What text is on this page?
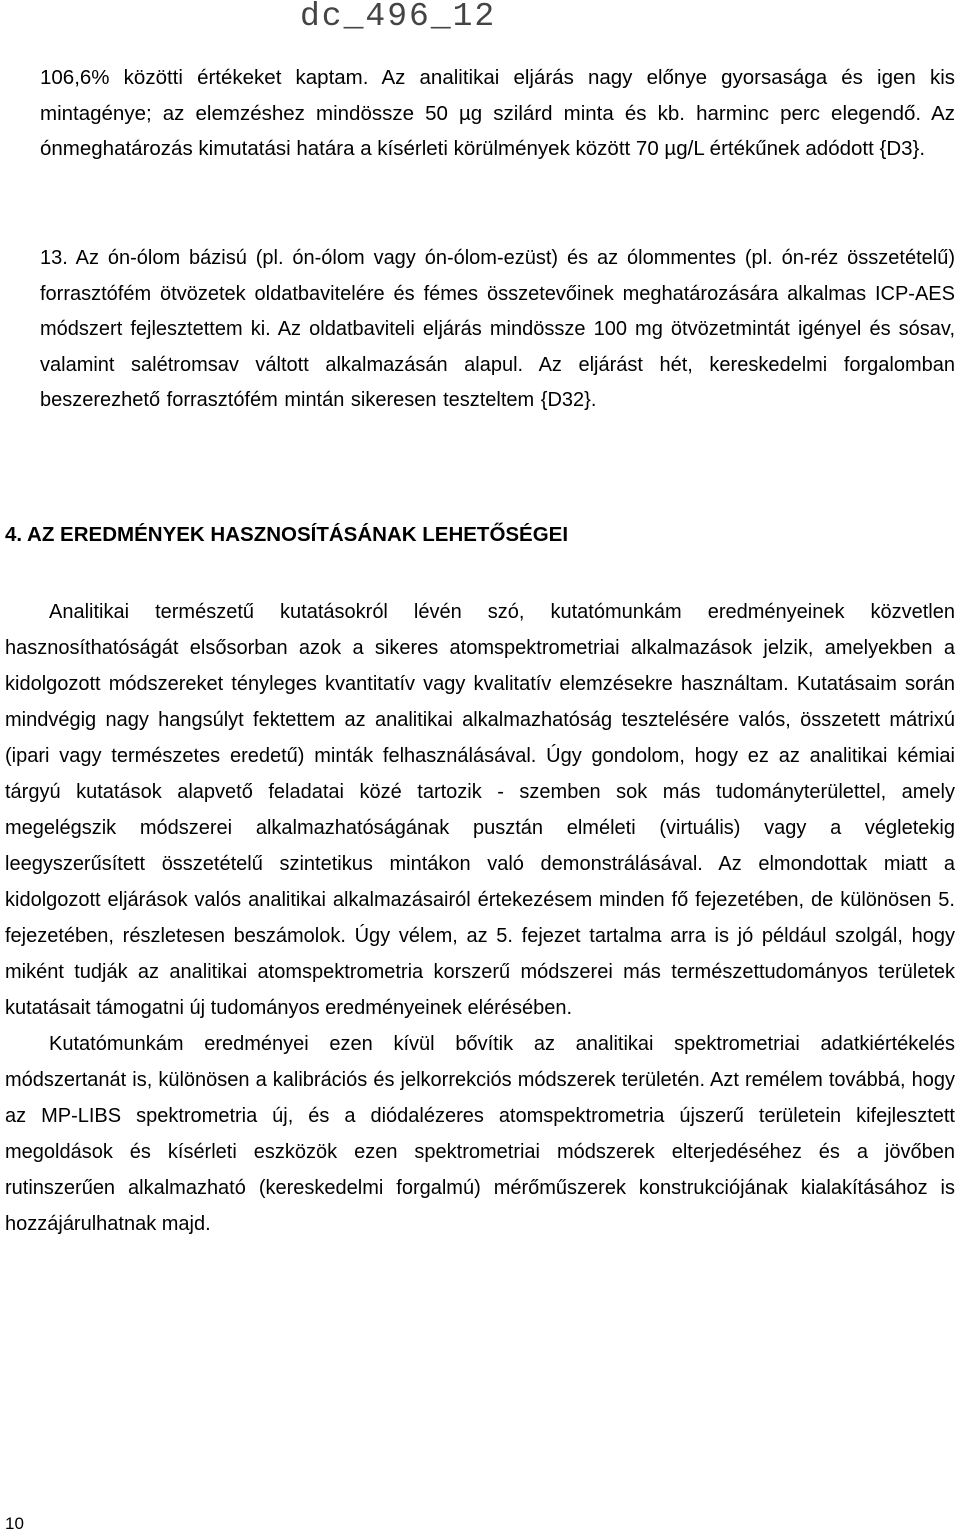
dc_496_12
106,6% közötti értékeket kaptam. Az analitikai eljárás nagy előnye gyorsasága és igen kis mintagénye; az elemzéshez mindössze 50 µg szilárd minta és kb. harminc perc elegendő. Az ónmeghatározás kimutatási határa a kísérleti körülmények között 70 µg/L értékűnek adódott {D3}.
13. Az ón-ólom bázisú (pl. ón-ólom vagy ón-ólom-ezüst) és az ólommentes (pl. ón-réz összetételű) forrasztófém ötvözetek oldatbavitelére és fémes összetevőinek meghatározására alkalmas ICP-AES módszert fejlesztettem ki. Az oldatbaviteli eljárás mindössze 100 mg ötvözetmintát igényel és sósav, valamint salétromsav váltott alkalmazásán alapul. Az eljárást hét, kereskedelmi forgalomban beszerezhető forrasztófém mintán sikeresen teszteltem {D32}.
4. AZ EREDMÉNYEK HASZNOSÍTÁSÁNAK LEHETŐSÉGEI

Analitikai természetű kutatásokról lévén szó, kutatómunkám eredményeinek közvetlen hasznosíthatóságát elsősorban azok a sikeres atomspektrometriai alkalmazások jelzik, amelyekben a kidolgozott módszereket tényleges kvantitatív vagy kvalitatív elemzésekre használtam. Kutatásaim során mindvégig nagy hangsúlyt fektettem az analitikai alkalmazhatóság tesztelésére valós, összetett mátrixú (ipari vagy természetes eredetű) minták felhasználásával. Úgy gondolom, hogy ez az analitikai kémiai tárgyú kutatások alapvető feladatai közé tartozik - szemben sok más tudományterülettel, amely megelégszik módszerei alkalmazhatóságának pusztán elméleti (virtuális) vagy a végletekig leegyszerűsített összetételű szintetikus mintákon való demonstrálásával. Az elmondottak miatt a kidolgozott eljárások valós analitikai alkalmazásairól értekezésem minden fő fejezetében, de különösen 5. fejezetében, részletesen beszámolok. Úgy vélem, az 5. fejezet tartalma arra is jó például szolgál, hogy miként tudják az analitikai atomspektrometria korszerű módszerei más természettudományos területek kutatásait támogatni új tudományos eredményeinek elérésében.

Kutatómunkám eredményei ezen kívül bővítik az analitikai spektrometriai adatkiértékelés módszertanát is, különösen a kalibrációs és jelkorrekciós módszerek területén. Azt remélem továbbá, hogy az MP-LIBS spektrometria új, és a diódalézeres atomspektrometria újszerű területein kifejlesztett megoldások és kísérleti eszközök ezen spektrometriai módszerek elterjedéséhez és a jövőben rutinszerűen alkalmazható (kereskedelmi forgalmú) mérőműszerek konstrukciójának kialakításához is hozzájárulhatnak majd.

10
